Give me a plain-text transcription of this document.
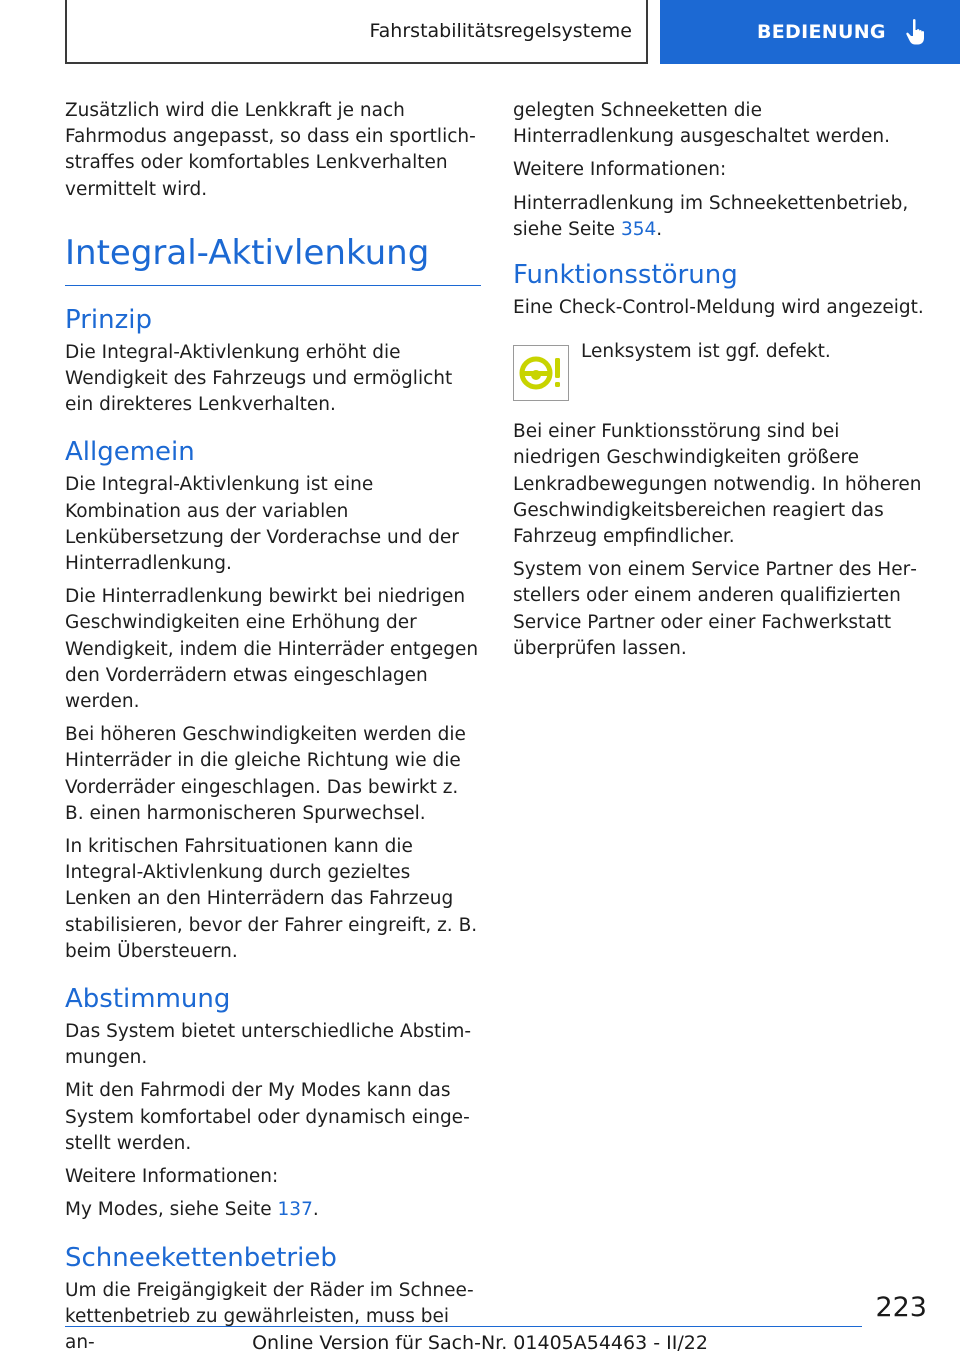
Fahrstabilitätsregelsysteme	BEDIENUNG

Zusätzlich wird die Lenkkraft je nach Fahrmodus angepasst, so dass ein sportlich-straffes oder komfortables Lenkverhalten vermittelt wird.

Integral-Aktivlenkung
Prinzip

Die Integral-Aktivlenkung erhöht die Wendigkeit des Fahrzeugs und ermöglicht ein direkteres Lenkverhalten.

Allgemein

Die Integral-Aktivlenkung ist eine Kombination aus der variablen Lenkübersetzung der Vorderachse und der Hinterradlenkung.

Die Hinterradlenkung bewirkt bei niedrigen Geschwindigkeiten eine Erhöhung der Wendigkeit, indem die Hinterräder entgegen den Vorderrädern etwas eingeschlagen werden.

Bei höheren Geschwindigkeiten werden die Hinterräder in die gleiche Richtung wie die Vorderräder eingeschlagen. Das bewirkt z. B. einen harmonischeren Spurwechsel.

In kritischen Fahrsituationen kann die Integral-Aktivlenkung durch gezieltes Lenken an den Hinterrädern das Fahrzeug stabilisieren, bevor der Fahrer eingreift, z. B. beim Übersteuern.

Abstimmung

Das System bietet unterschiedliche Abstimmungen.

Mit den Fahrmodi der My Modes kann das System komfortabel oder dynamisch eingestellt werden.

Weitere Informationen:

My Modes, siehe Seite 137.

Schneekettenbetrieb

Um die Freigängigkeit der Räder im Schneekettenbetrieb zu gewährleisten, muss bei an-

gelegten Schneeketten die Hinterradlenkung ausgeschaltet werden.

Weitere Informationen:

Hinterradlenkung im Schneekettenbetrieb, siehe Seite 354.

Funktionsstörung

Eine Check-Control-Meldung wird angezeigt.

Lenksystem ist ggf. defekt.

Bei einer Funktionsstörung sind bei niedrigen Geschwindigkeiten größere Lenkradbewegungen notwendig. In höheren Geschwindigkeitsbereichen reagiert das Fahrzeug empfindlicher.

System von einem Service Partner des Herstellers oder einem anderen qualifizierten Service Partner oder einer Fachwerkstatt überprüfen lassen.

223
Online Version für Sach-Nr. 01405A54463 - II/22
